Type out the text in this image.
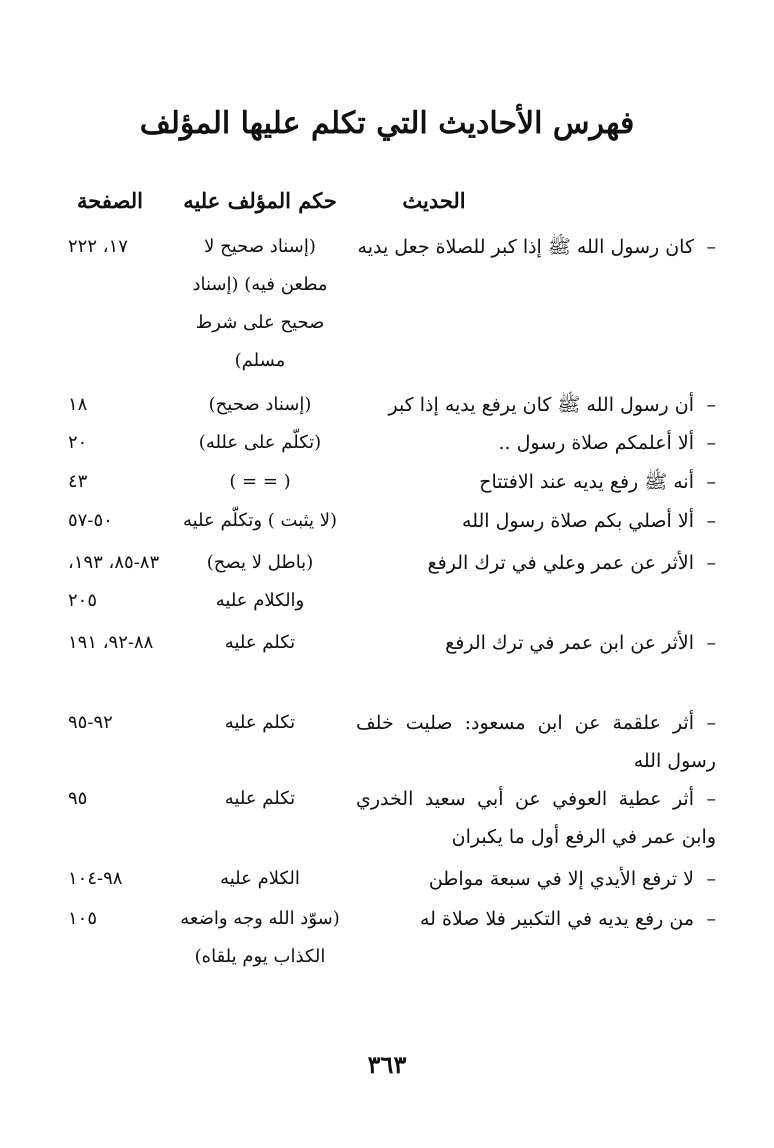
فهرس الأحاديث التي تكلم عليها المؤلف
الحديث
حكم المؤلف عليه
الصفحة
–كان رسول الله ﷺ إذا كبر للصلاة جعل يديه
(إسناد صحيح لا مطعن فيه) (إسناد صحيح على شرط مسلم)
١٧، ٢٢٢
–أن رسول الله ﷺ كان يرفع يديه إذا كبر
(إسناد صحيح)
١٨
–ألا أعلمكم صلاة رسول ..
(تكلّم على علله)
٢٠
–أنه ﷺ رفع يديه عند الافتتاح
( = = )
٤٣
–ألا أصلي بكم صلاة رسول الله
(لا يثبت ) وتكلّم عليه
٥٠-٥٧
–الأثر عن عمر وعلي في ترك الرفع
(باطل لا يصح) والكلام عليه
٨٣-٨٥، ١٩٣، ٢٠٥
–الأثر عن ابن عمر في ترك الرفع
تكلم عليه
٨٨-٩٢، ١٩١
–أثر علقمة عن ابن مسعود: صليت خلف رسول الله
تكلم عليه
٩٢-٩٥
–أثر عطية العوفي عن أبي سعيد الخدري وابن عمر في الرفع أول ما يكبران
تكلم عليه
٩٥
–لا ترفع الأيدي إلا في سبعة مواطن
الكلام عليه
٩٨-١٠٤
–من رفع يديه في التكبير فلا صلاة له
(سوّد الله وجه واضعه الكذاب يوم يلقاه)
١٠٥
٣٦٣
